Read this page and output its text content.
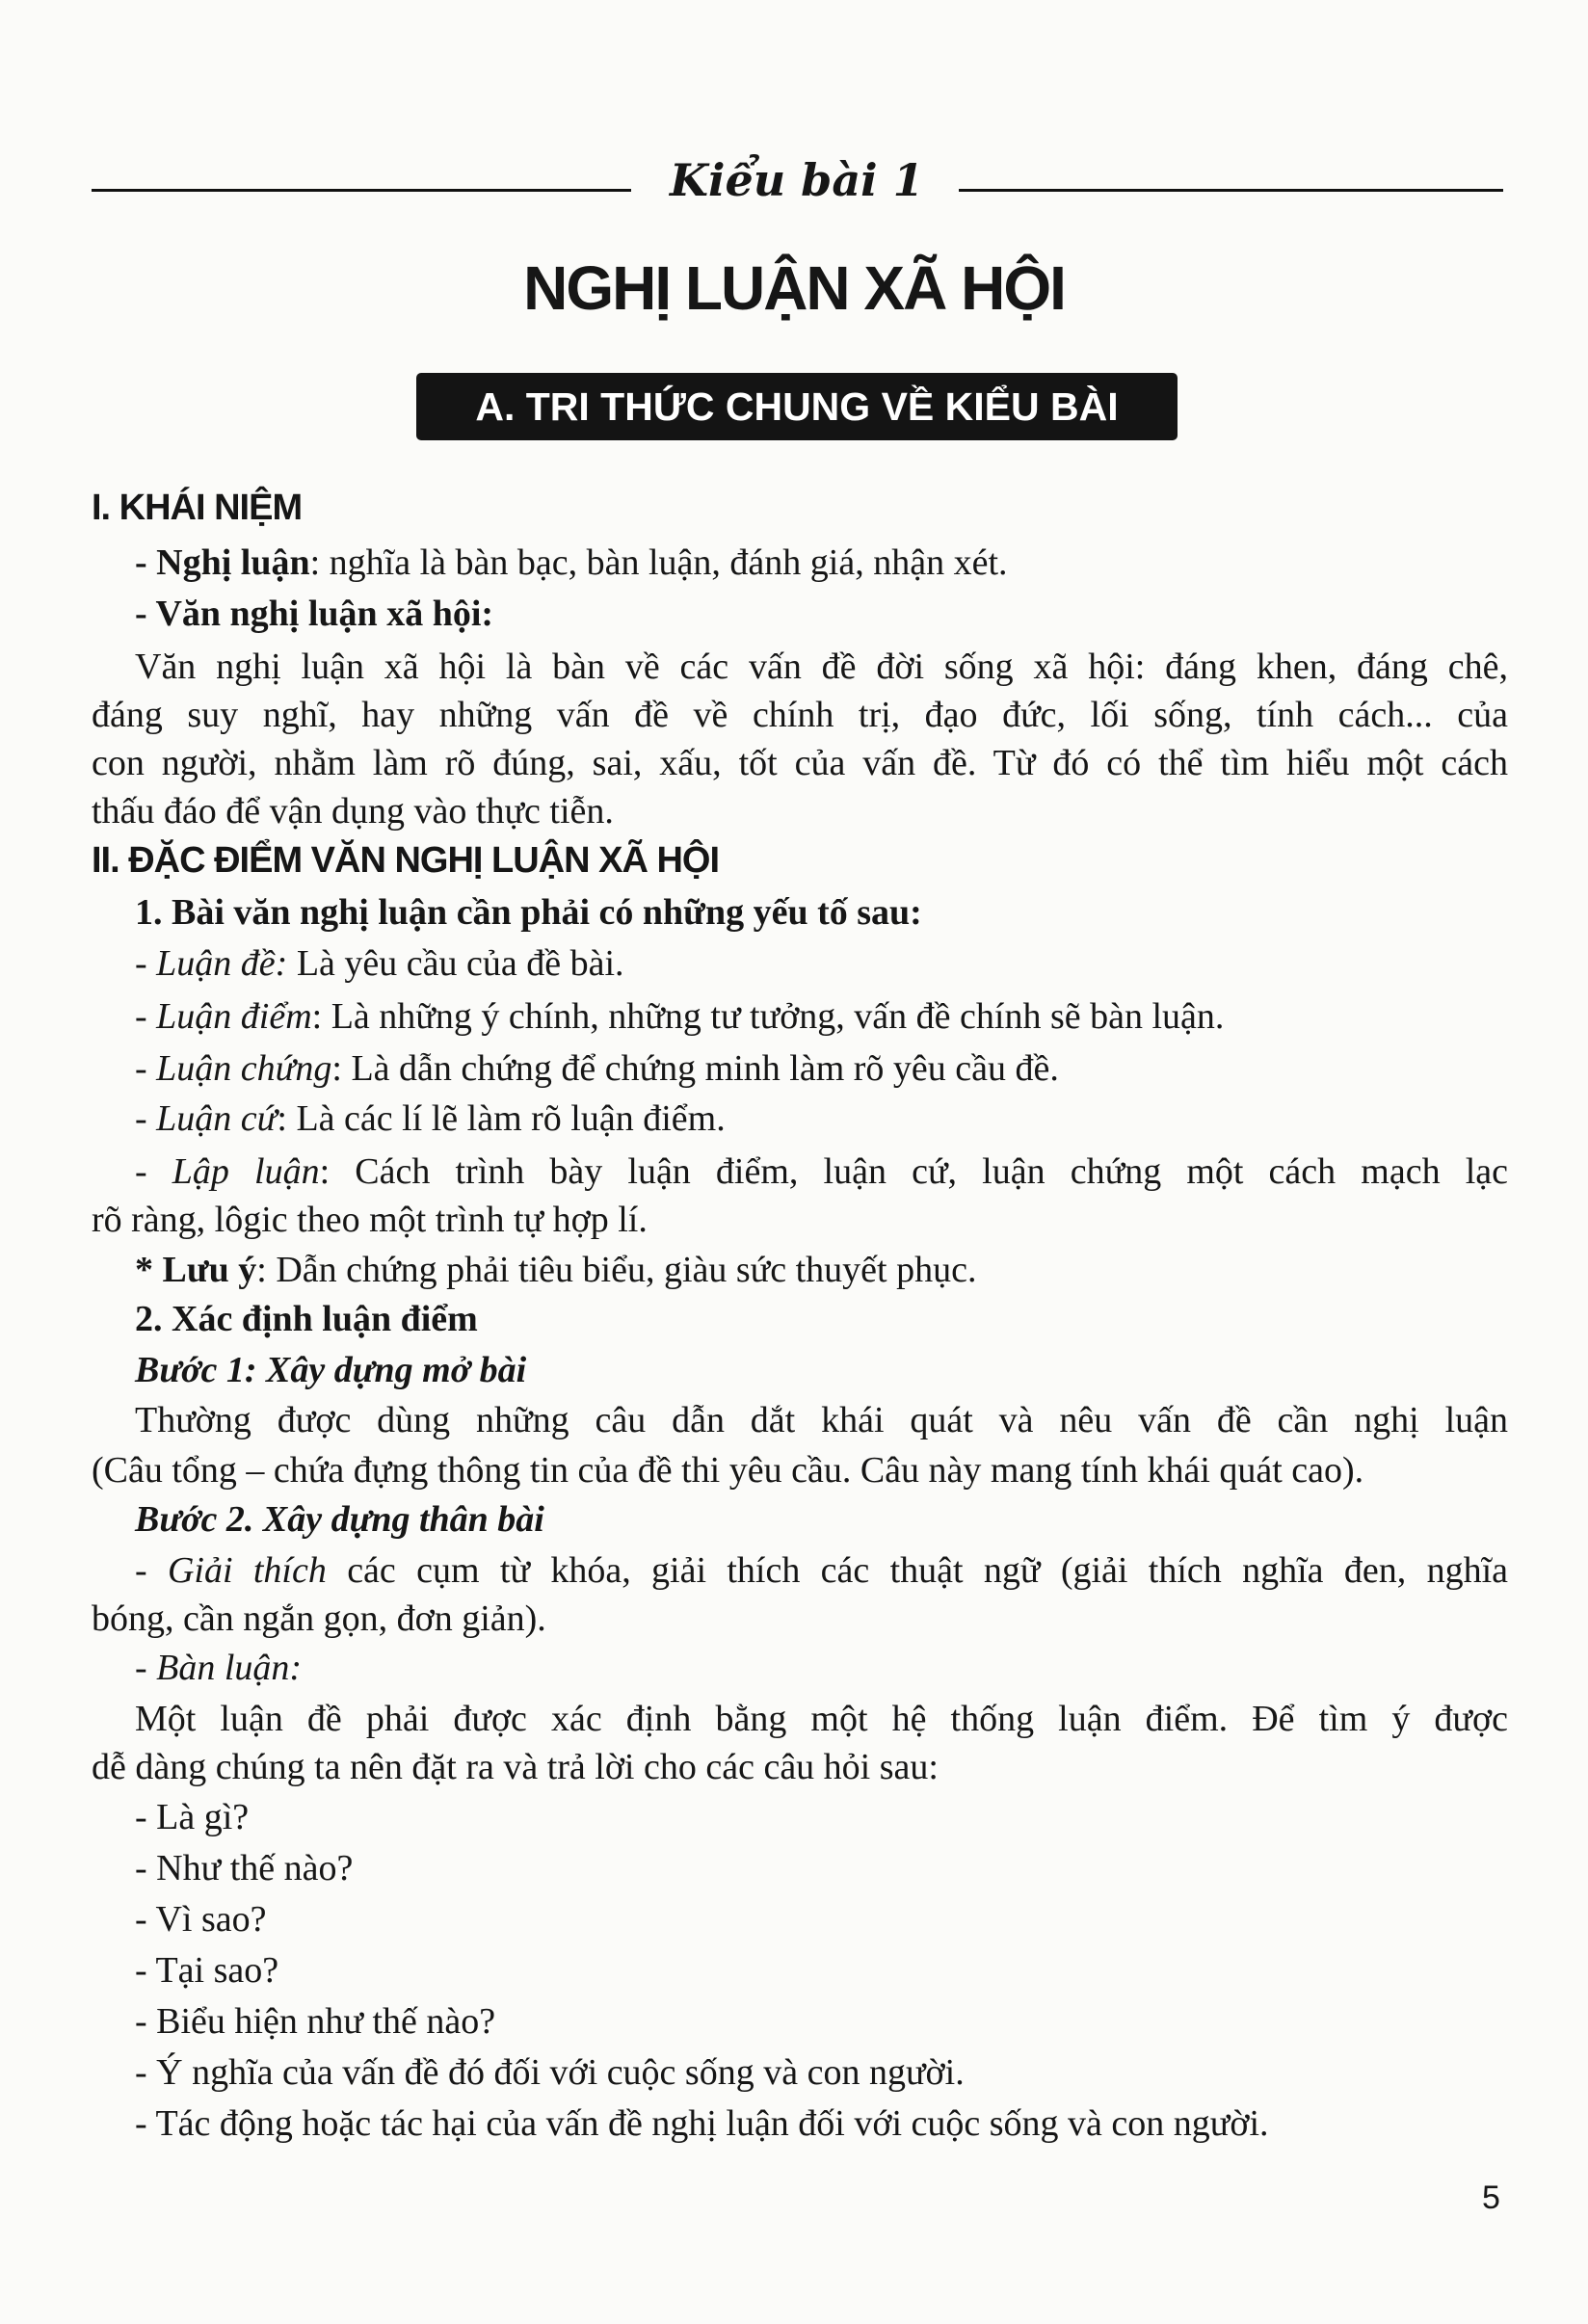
Kiểu bài 1
NGHỊ LUẬN XÃ HỘI
A. TRI THỨC CHUNG VỀ KIỂU BÀI
I. KHÁI NIỆM
- Nghị luận: nghĩa là bàn bạc, bàn luận, đánh giá, nhận xét.
- Văn nghị luận xã hội:
Văn nghị luận xã hội là bàn về các vấn đề đời sống xã hội: đáng khen, đáng chê,
đáng suy nghĩ, hay những vấn đề về chính trị, đạo đức, lối sống, tính cách... của
con người, nhằm làm rõ đúng, sai, xấu, tốt của vấn đề. Từ đó có thể tìm hiểu một cách
thấu đáo để vận dụng vào thực tiễn.
II. ĐẶC ĐIỂM VĂN NGHỊ LUẬN XÃ HỘI
1. Bài văn nghị luận cần phải có những yếu tố sau:
- Luận đề: Là yêu cầu của đề bài.
- Luận điểm: Là những ý chính, những tư tưởng, vấn đề chính sẽ bàn luận.
- Luận chứng: Là dẫn chứng để chứng minh làm rõ yêu cầu đề.
- Luận cứ: Là các lí lẽ làm rõ luận điểm.
- Lập luận: Cách trình bày luận điểm, luận cứ, luận chứng một cách mạch lạc
rõ ràng, lôgic theo một trình tự hợp lí.
* Lưu ý: Dẫn chứng phải tiêu biểu, giàu sức thuyết phục.
2. Xác định luận điểm
Bước 1: Xây dựng mở bài
Thường được dùng những câu dẫn dắt khái quát và nêu vấn đề cần nghị luận
(Câu tổng – chứa đựng thông tin của đề thi yêu cầu. Câu này mang tính khái quát cao).
Bước 2. Xây dựng thân bài
- Giải thích các cụm từ khóa, giải thích các thuật ngữ (giải thích nghĩa đen, nghĩa
bóng, cần ngắn gọn, đơn giản).
- Bàn luận:
Một luận đề phải được xác định bằng một hệ thống luận điểm. Để tìm ý được
dễ dàng chúng ta nên đặt ra và trả lời cho các câu hỏi sau:
- Là gì?
- Như thế nào?
- Vì sao?
- Tại sao?
- Biểu hiện như thế nào?
- Ý nghĩa của vấn đề đó đối với cuộc sống và con người.
- Tác động hoặc tác hại của vấn đề nghị luận đối với cuộc sống và con người.
5
